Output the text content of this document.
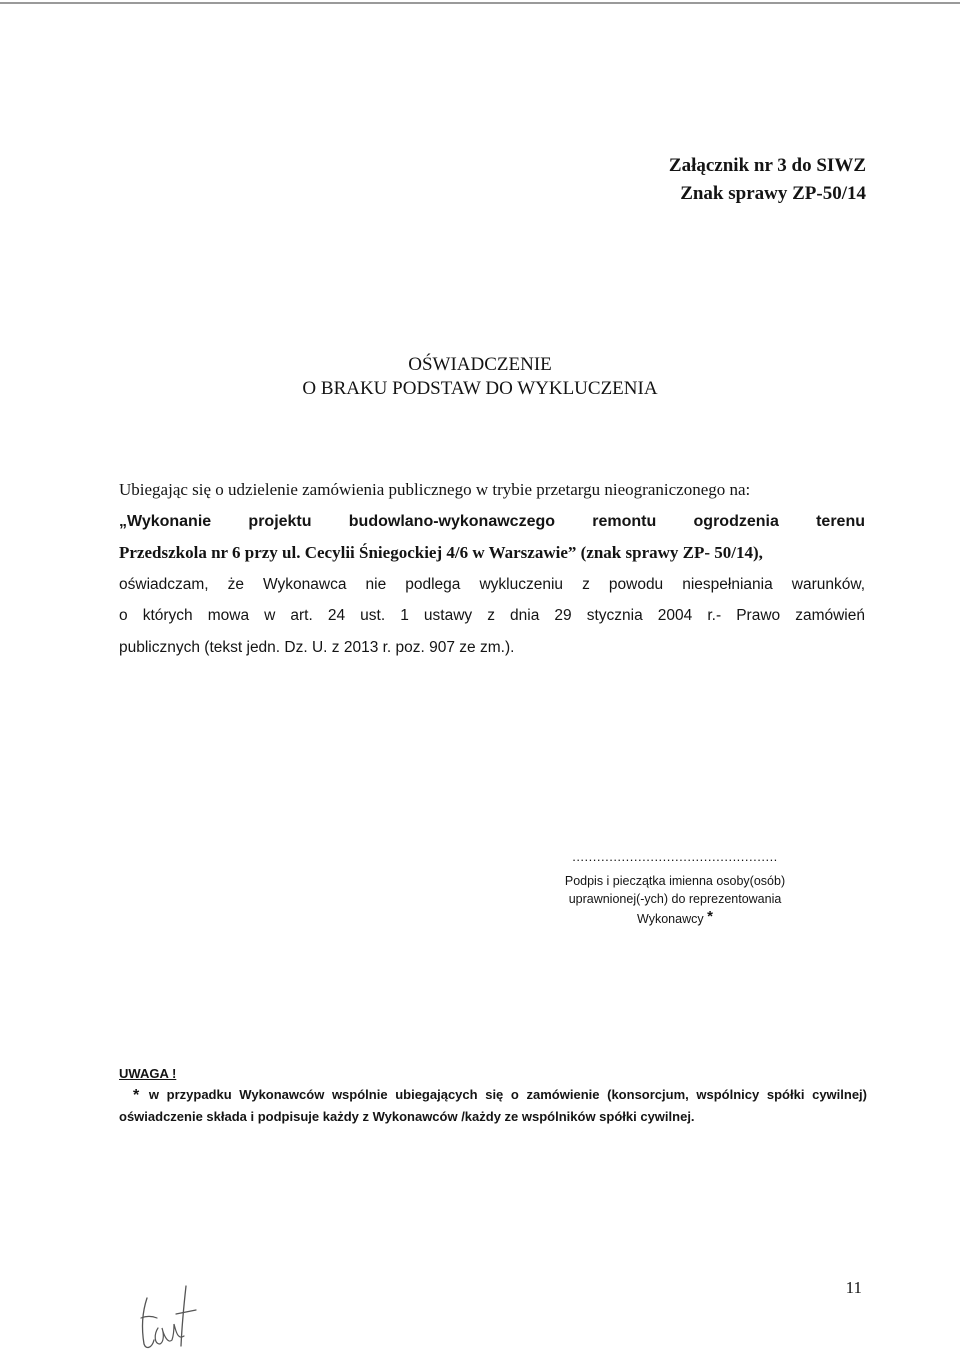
Załącznik nr 3 do SIWZ
Znak sprawy ZP-50/14
OŚWIADCZENIE
O BRAKU PODSTAW DO WYKLUCZENIA
Ubiegając się o udzielenie zamówienia publicznego w trybie przetargu nieograniczonego na:
„Wykonanie projektu budowlano-wykonawczego remontu ogrodzenia terenu
Przedszkola nr 6 przy ul. Cecylii Śniegockiej 4/6 w Warszawie” (znak sprawy ZP- 50/14),
oświadczam, że Wykonawca nie podlega wykluczeniu z powodu niespełniania warunków,
o których mowa w art. 24 ust. 1 ustawy z dnia 29 stycznia 2004 r.- Prawo zamówień
publicznych (tekst jedn. Dz. U. z 2013 r. poz. 907 ze zm.).
..................................................
Podpis i pieczątka imienna osoby(osób)
uprawnionej(-ych) do reprezentowania
Wykonawcy *
UWAGA !
* w przypadku Wykonawców wspólnie ubiegających się o zamówienie (konsorcjum, wspólnicy spółki cywilnej) oświadczenie składa i podpisuje każdy z Wykonawców /każdy ze wspólników spółki cywilnej.
11
